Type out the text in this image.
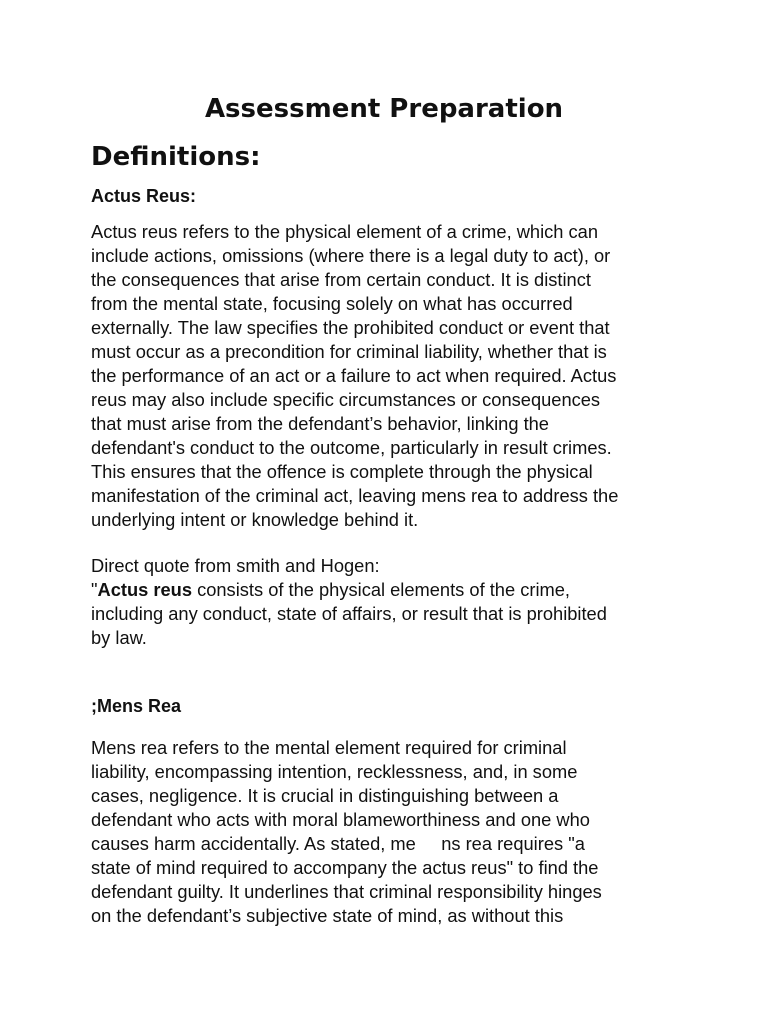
Assessment Preparation
Definitions:
Actus Reus:
Actus reus refers to the physical element of a crime, which can
include actions, omissions (where there is a legal duty to act), or
the consequences that arise from certain conduct. It is distinct
from the mental state, focusing solely on what has occurred
externally. The law specifies the prohibited conduct or event that
must occur as a precondition for criminal liability, whether that is
the performance of an act or a failure to act when required. Actus
reus may also include specific circumstances or consequences
that must arise from the defendant’s behavior, linking the
defendant's conduct to the outcome, particularly in result crimes.
This ensures that the offence is complete through the physical
manifestation of the criminal act, leaving mens rea to address the
underlying intent or knowledge behind it.
Direct quote from smith and Hogen:
"Actus reus consists of the physical elements of the crime,
including any conduct, state of affairs, or result that is prohibited
by law.
;Mens Rea
Mens rea refers to the mental element required for criminal
liability, encompassing intention, recklessness, and, in some
cases, negligence. It is crucial in distinguishing between a
defendant who acts with moral blameworthiness and one who
causes harm accidentally. As stated, me     ns rea requires "a
state of mind required to accompany the actus reus" to find the
defendant guilty. It underlines that criminal responsibility hinges
on the defendant’s subjective state of mind, as without this
